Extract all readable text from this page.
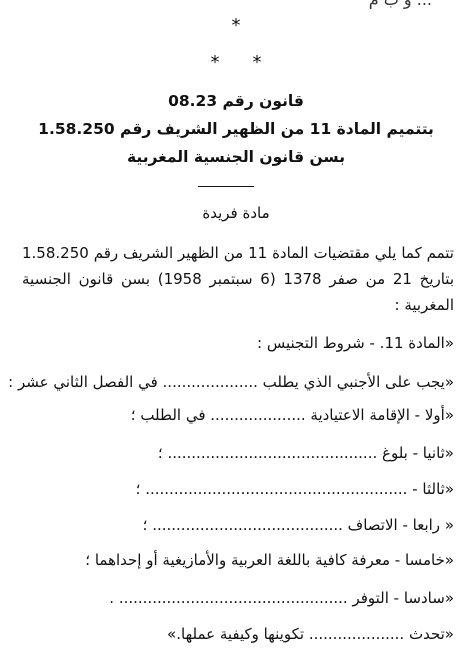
*
**
قانون رقم 08.23
بتتميم المادة 11 من الظهير الشريف رقم 1.58.250
بسن قانون الجنسية المغربية
مادة فريدة
تتمم كما يلي مقتضيات المادة 11 من الظهير الشريف رقم 1.58.250 بتاريخ 21 من صفر 1378 (6 سبتمبر 1958) بسن قانون الجنسية المغربية :
«المادة 11. - شروط التجنيس :
«يجب على الأجنبي الذي يطلب .................... في الفصل الثاني عشر :
«أولا - الإقامة الاعتيادية .................... في الطلب ؛
«ثانيا - بلوغ ............................................ ؛
«ثالثا - ....................................................... ؛
« رابعا - الاتصاف ........................................ ؛
«خامسا - معرفة كافية باللغة العربية والأمازيغية أو إحداهما ؛
«سادسا - التوفر ................................................ .
«تحدث .................... تكوينها وكيفية عملها.»
